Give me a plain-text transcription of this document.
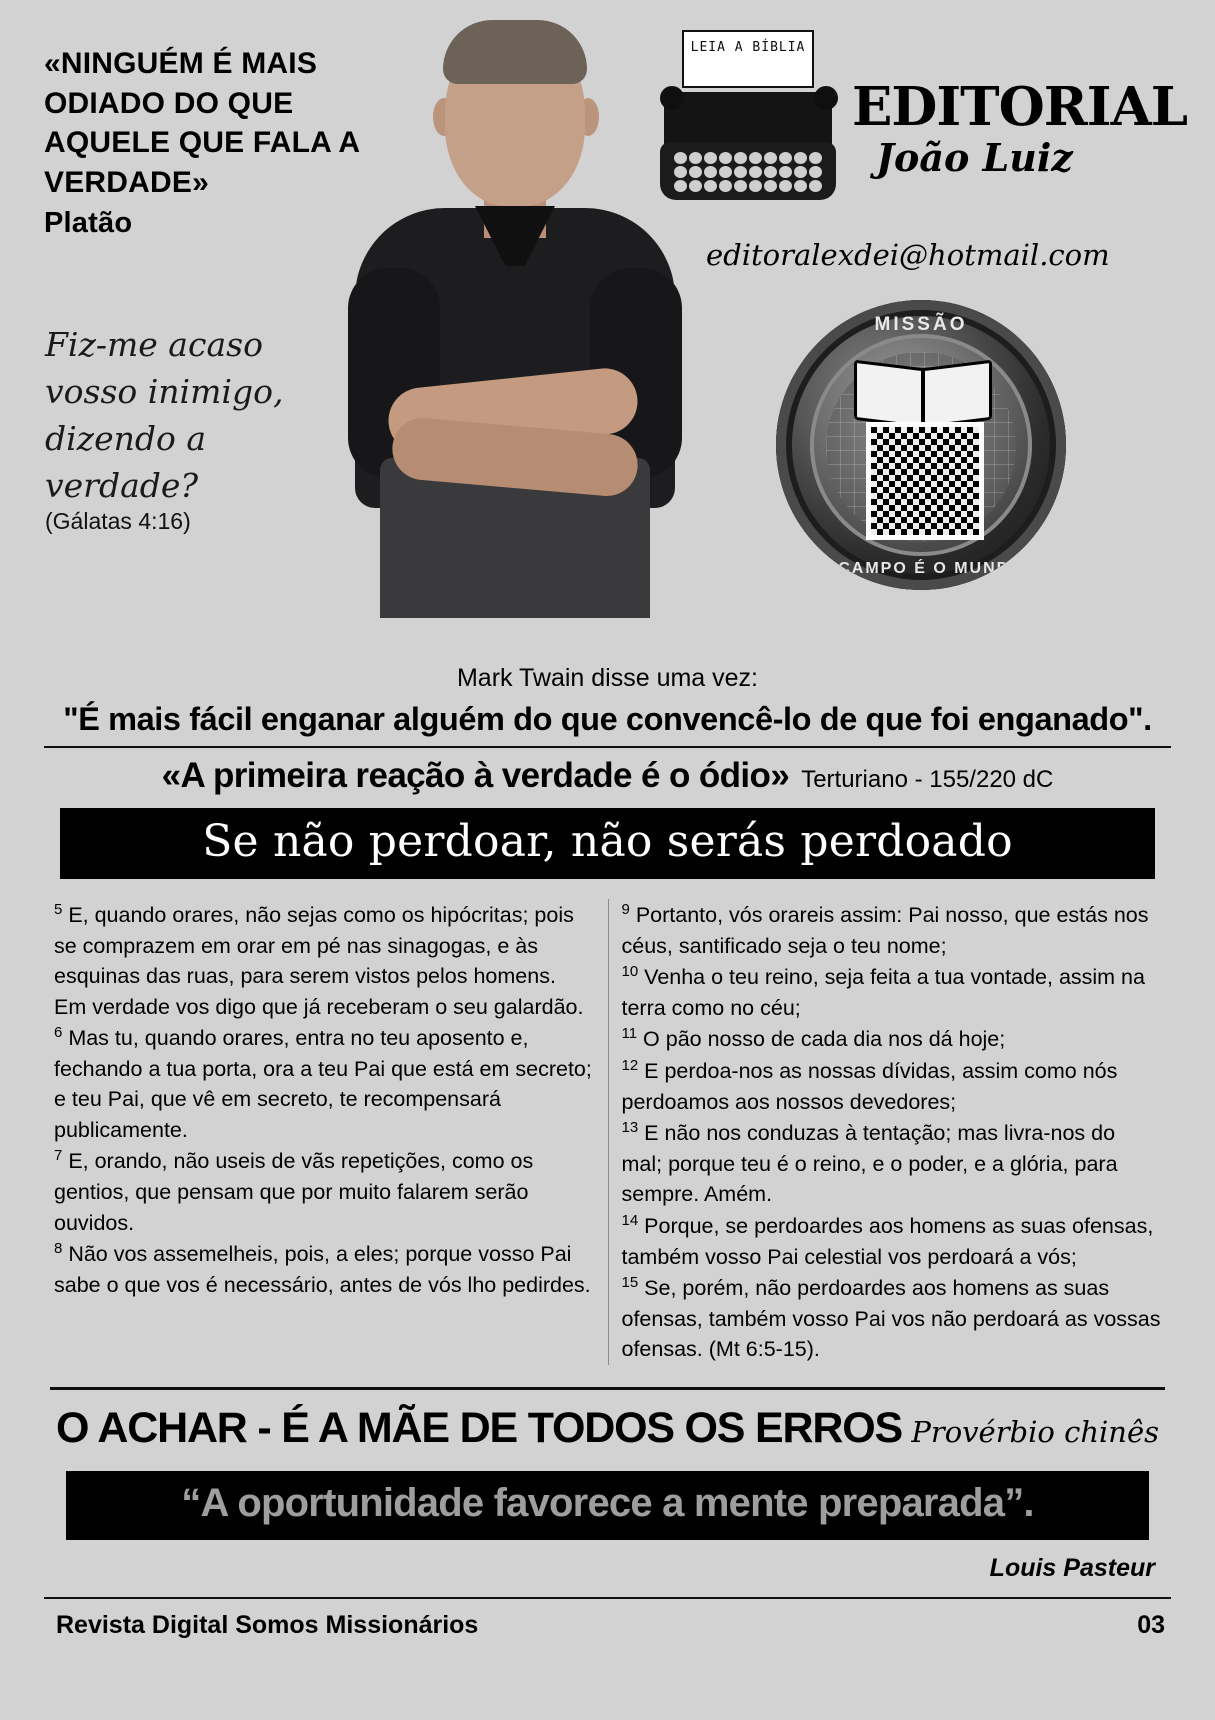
«NINGUÉM É MAIS ODIADO DO QUE AQUELE QUE FALA A VERDADE»
Platão
Fiz-me acaso vosso inimigo, dizendo a verdade?
(Gálatas 4:16)
LEIA A BÍBLIA
EDITORIAL
João Luiz
editoralexdei@hotmail.com
MISSÃO
O CAMPO É O MUNDO
Mark Twain disse uma vez:
"É mais fácil enganar alguém do que convencê-lo de que foi enganado".
«A primeira reação à verdade é o ódio» Terturiano - 155/220 dC
Se não perdoar, não serás perdoado

$^5$ E, quando orares, não sejas como os hipócritas; pois se comprazem em orar em pé nas sinagogas, e às esquinas das ruas, para serem vistos pelos homens. Em verdade vos digo que já receberam o seu galardão.

$^6$ Mas tu, quando orares, entra no teu aposento e, fechando a tua porta, ora a teu Pai que está em secreto; e teu Pai, que vê em secreto, te recompensará publicamente.

$^7$ E, orando, não useis de vãs repetições, como os gentios, que pensam que por muito falarem serão ouvidos.

$^8$ Não vos assemelheis, pois, a eles; porque vosso Pai sabe o que vos é necessário, antes de vós lho pedirdes.

$^9$ Portanto, vós orareis assim: Pai nosso, que estás nos céus, santificado seja o teu nome;

$^{10}$ Venha o teu reino, seja feita a tua vontade, assim na terra como no céu;

$^{11}$ O pão nosso de cada dia nos dá hoje;

$^{12}$ E perdoa-nos as nossas dívidas, assim como nós perdoamos aos nossos devedores;

$^{13}$ E não nos conduzas à tentação; mas livra-nos do mal; porque teu é o reino, e o poder, e a glória, para sempre. Amém.

$^{14}$ Porque, se perdoardes aos homens as suas ofensas, também vosso Pai celestial vos perdoará a vós;

$^{15}$ Se, porém, não perdoardes aos homens as suas ofensas, também vosso Pai vos não perdoará as vossas ofensas. (Mt 6:5-15).

O ACHAR - É A MÃE DE TODOS OS ERROS Provérbio chinês
“A oportunidade favorece a mente preparada”.
Louis Pasteur
Revista Digital Somos Missionários	03
